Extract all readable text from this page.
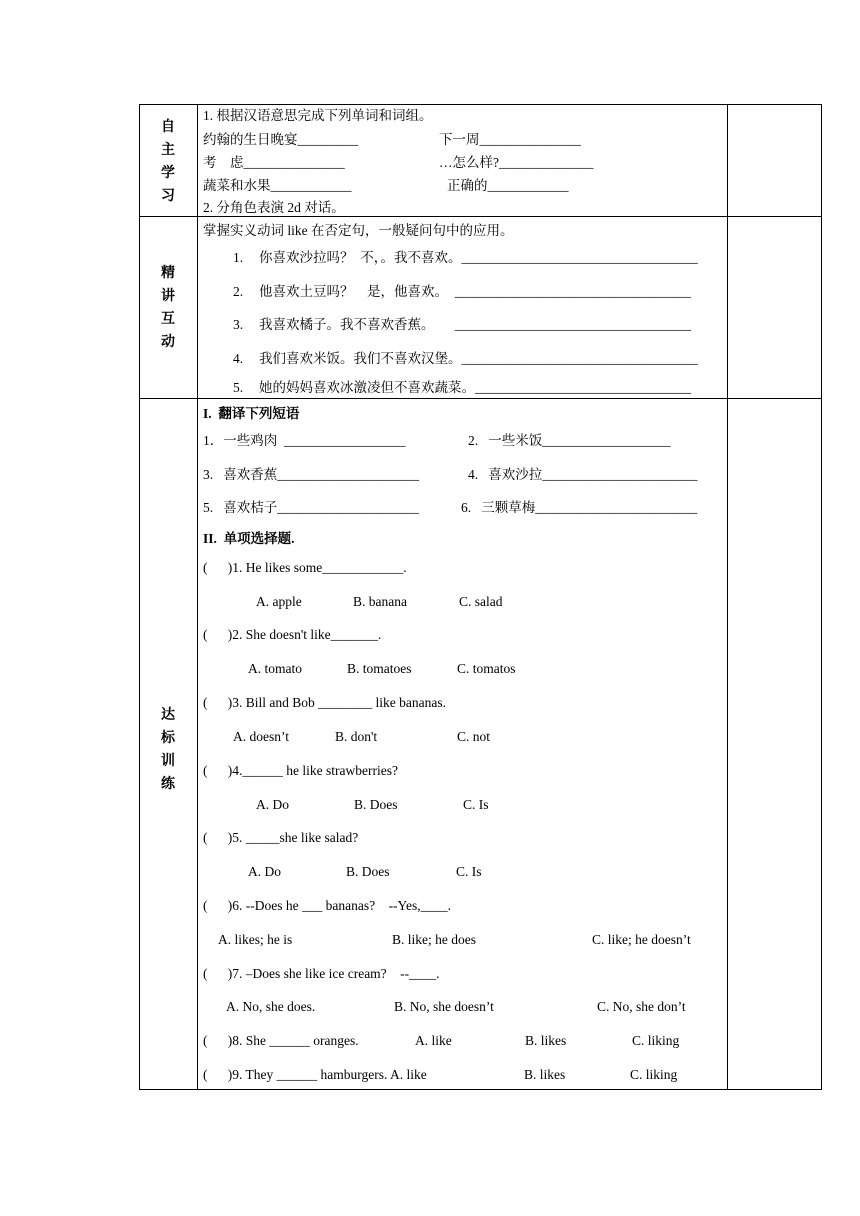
自
主
学
习
1. 根据汉语意思完成下列单词和词组。
约翰的生日晚宴_________	下一周_______________
考    虑_______________	…怎么样?______________
蔬菜和水果____________	正确的____________
2. 分角色表演 2d 对话。
精
讲
互
动
掌握实义动词 like 在否定句，一般疑问句中的应用。
1. 你喜欢沙拉吗？  不，。我不喜欢。___________________________________
2. 他喜欢土豆吗？    是，他喜欢。  ___________________________________
3. 我喜欢橘子。我不喜欢香蕉。      ___________________________________
4. 我们喜欢米饭。我们不喜欢汉堡。___________________________________
5. 她的妈妈喜欢冰激凌但不喜欢蔬菜。________________________________
达
标
训
练
I.  翻译下列短语
1．一些鸡肉  __________________	2.   一些米饭___________________
3.   喜欢香蕉_____________________	4.   喜欢沙拉_______________________
5.   喜欢桔子_____________________	6.   三颗草梅________________________
II.  单项选择题.
(      )1. He likes some____________.
A. apple	B. banana	C. salad
(      )2. She doesn't like_______.
A. tomato	B. tomatoes	C. tomatos
(      )3. Bill and Bob ________ like bananas.
A. doesn’t	B. don't	C. not
(      )4.______ he like strawberries?
A. Do	B. Does	C. Is
(      )5. _____she like salad?
A. Do	B. Does	C. Is
(      )6. --Does he ___ bananas?    --Yes,____.
A. likes; he is	B. like; he does	C. like; he doesn’t
(      )7. –Does she like ice cream?    --____.
A. No, she does.	B. No, she doesn’t	C. No, she don’t
(      )8. She ______ oranges.	A. like	B. likes	C. liking
(      )9. They ______ hamburgers. A. like	B. likes	C. liking
